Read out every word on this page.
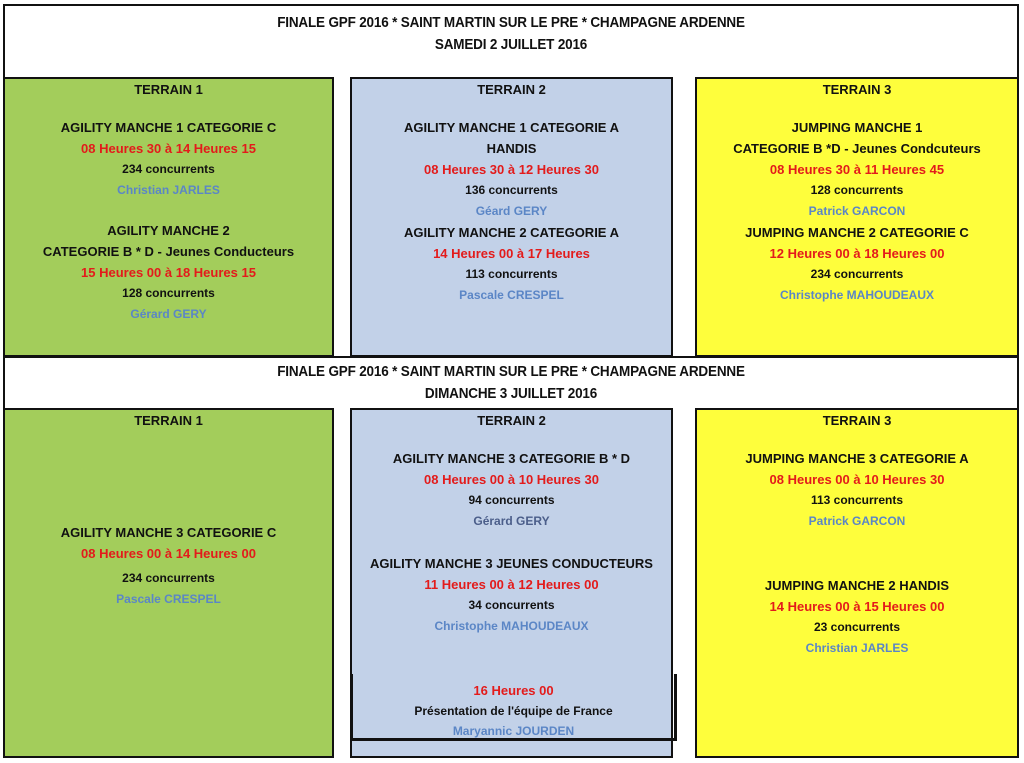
FINALE GPF 2016 * SAINT MARTIN SUR LE PRE * CHAMPAGNE ARDENNE
SAMEDI 2 JUILLET 2016
TERRAIN 1
AGILITY MANCHE 1 CATEGORIE C
08 Heures 30 à 14 Heures 15
234 concurrents
Christian JARLES
AGILITY MANCHE 2
CATEGORIE B * D - Jeunes Conducteurs
15 Heures 00 à 18 Heures 15
128 concurrents
Gérard GERY
TERRAIN 2
AGILITY MANCHE 1 CATEGORIE A
HANDIS
08 Heures 30 à 12 Heures 30
136 concurrents
Géard GERY
AGILITY MANCHE 2 CATEGORIE A
14 Heures 00 à 17 Heures
113 concurrents
Pascale CRESPEL
TERRAIN 3
JUMPING MANCHE 1
CATEGORIE B *D - Jeunes Condcuteurs
08 Heures 30 à 11 Heures 45
128 concurrents
Patrick GARCON
JUMPING MANCHE 2 CATEGORIE C
12 Heures 00 à 18 Heures 00
234 concurrents
Christophe MAHOUDEAUX
FINALE GPF 2016 * SAINT MARTIN SUR LE PRE * CHAMPAGNE ARDENNE
DIMANCHE 3 JUILLET 2016
TERRAIN 1
AGILITY MANCHE 3 CATEGORIE C
08 Heures 00 à 14 Heures 00
234 concurrents
Pascale CRESPEL
TERRAIN 2
AGILITY MANCHE 3 CATEGORIE B * D
08 Heures 00 à 10 Heures 30
94 concurrents
Gérard GERY
AGILITY MANCHE 3 JEUNES CONDUCTEURS
11 Heures 00 à 12 Heures 00
34 concurrents
Christophe MAHOUDEAUX
16 Heures 00
Présentation de l'équipe de France
Maryannic JOURDEN
TERRAIN 3
JUMPING MANCHE 3 CATEGORIE A
08 Heures 00 à 10 Heures 30
113 concurrents
Patrick GARCON
JUMPING MANCHE 2 HANDIS
14 Heures 00 à 15 Heures 00
23 concurrents
Christian JARLES
